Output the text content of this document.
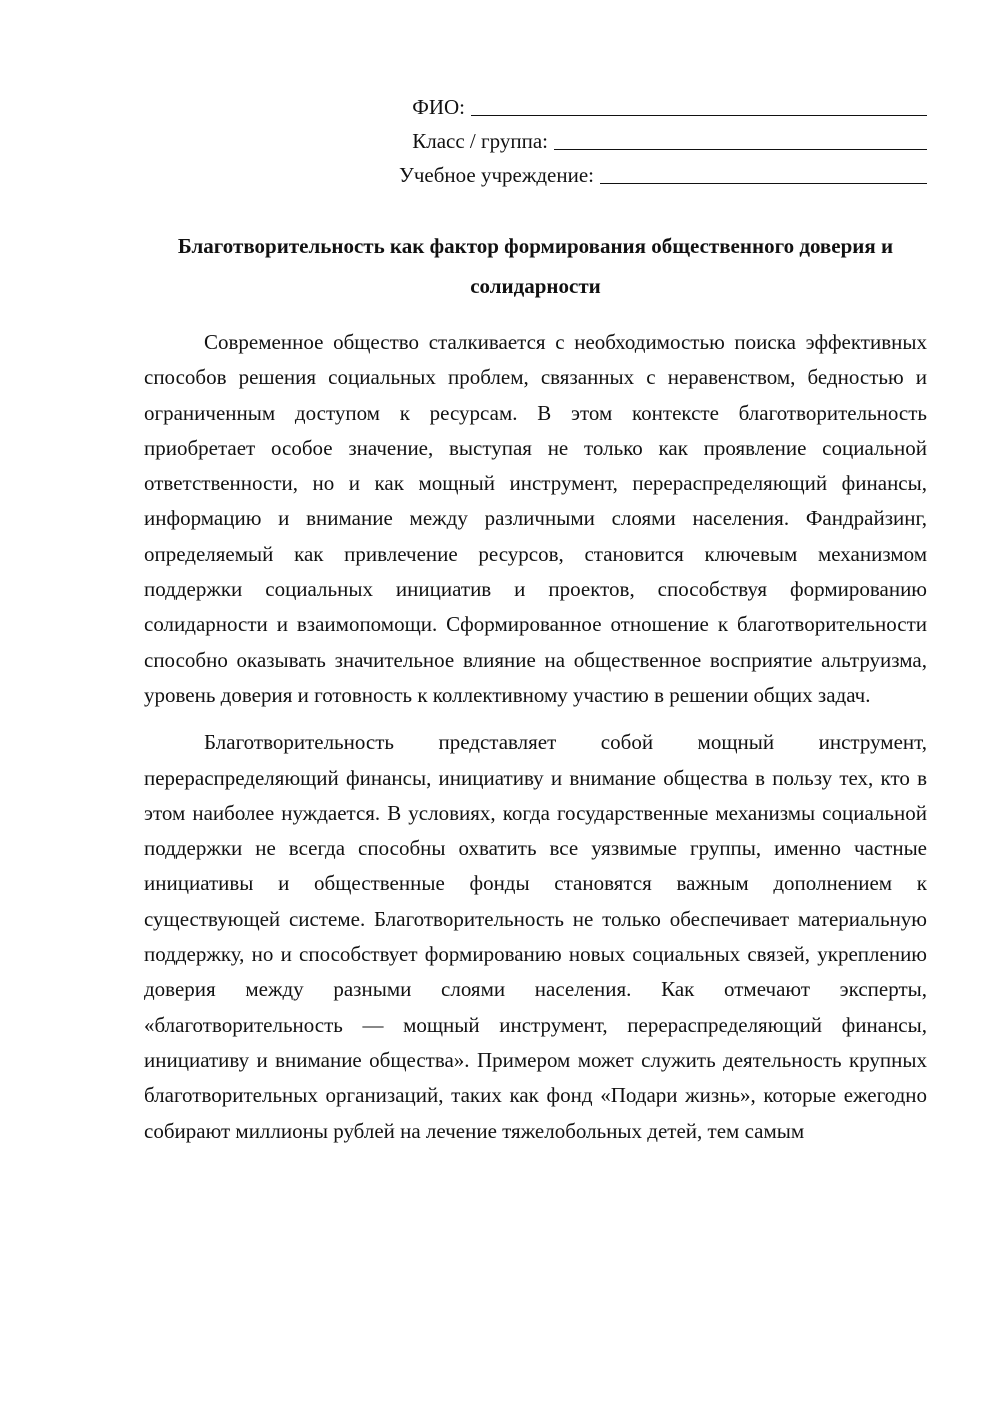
ФИО:
Класс / группа:
Учебное учреждение:
Благотворительность как фактор формирования общественного доверия и
солидарности

Современное общество сталкивается с необходимостью поиска эффективных способов решения социальных проблем, связанных с неравенством, бедностью и ограниченным доступом к ресурсам. В этом контексте благотворительность приобретает особое значение, выступая не только как проявление социальной ответственности, но и как мощный инструмент, перераспределяющий финансы, информацию и внимание между различными слоями населения. Фандрайзинг, определяемый как привлечение ресурсов, становится ключевым механизмом поддержки социальных инициатив и проектов, способствуя формированию солидарности и взаимопомощи. Сформированное отношение к благотворительности способно оказывать значительное влияние на общественное восприятие альтруизма, уровень доверия и готовность к коллективному участию в решении общих задач.

Благотворительность представляет собой мощный инструмент, перераспределяющий финансы, инициативу и внимание общества в пользу тех, кто в этом наиболее нуждается. В условиях, когда государственные механизмы социальной поддержки не всегда способны охватить все уязвимые группы, именно частные инициативы и общественные фонды становятся важным дополнением к существующей системе. Благотворительность не только обеспечивает материальную поддержку, но и способствует формированию новых социальных связей, укреплению доверия между разными слоями населения. Как отмечают эксперты, «благотворительность — мощный инструмент, перераспределяющий финансы, инициативу и внимание общества». Примером может служить деятельность крупных благотворительных организаций, таких как фонд «Подари жизнь», которые ежегодно собирают миллионы рублей на лечение тяжелобольных детей, тем самым
